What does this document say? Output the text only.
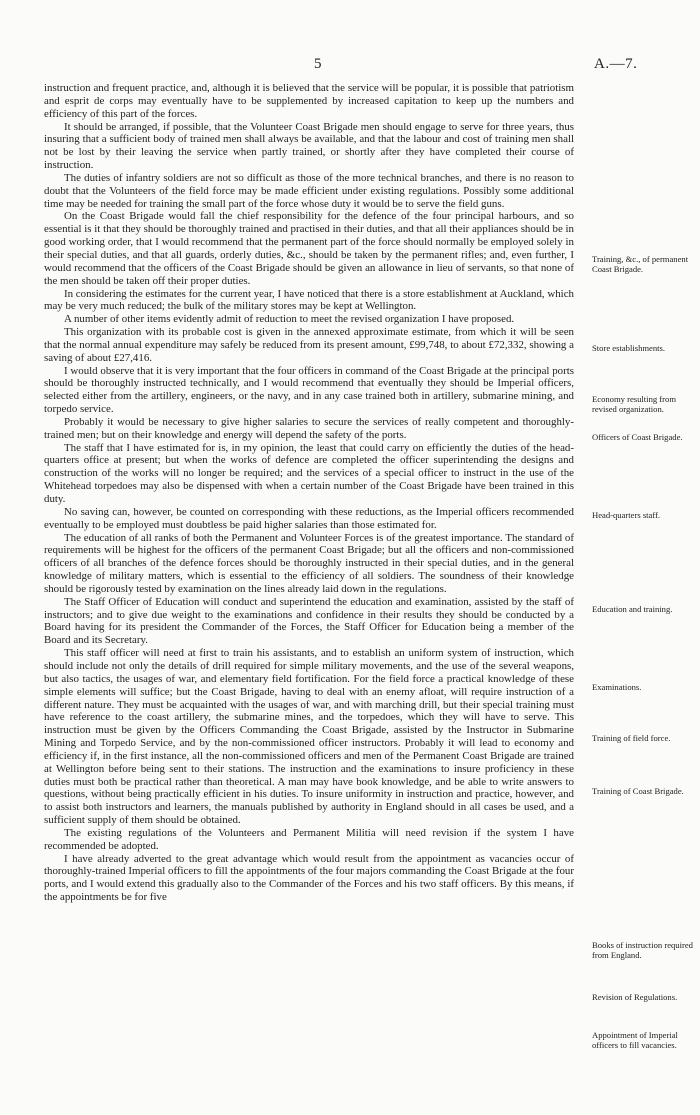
5	A.—7.

instruction and frequent practice, and, although it is believed that the service will be popular, it is possible that patriotism and esprit de corps may eventually have to be supplemented by increased capitation to keep up the numbers and efficiency of this part of the forces.

It should be arranged, if possible, that the Volunteer Coast Brigade men should engage to serve for three years, thus insuring that a sufficient body of trained men shall always be available, and that the labour and cost of training men shall not be lost by their leaving the service when partly trained, or shortly after they have completed their course of instruction.

The duties of infantry soldiers are not so difficult as those of the more technical branches, and there is no reason to doubt that the Volunteers of the field force may be made efficient under existing regulations. Possibly some additional time may be needed for training the small part of the force whose duty it would be to serve the field guns.

On the Coast Brigade would fall the chief responsibility for the defence of the four principal harbours, and so essential is it that they should be thoroughly trained and practised in their duties, and that all their appliances should be in good working order, that I would recommend that the permanent part of the force should normally be employed solely in their special duties, and that all guards, orderly duties, &c., should be taken by the permanent rifles; and, even further, I would recommend that the officers of the Coast Brigade should be given an allowance in lieu of servants, so that none of the men should be taken off their proper duties.

In considering the estimates for the current year, I have noticed that there is a store establishment at Auckland, which may be very much reduced; the bulk of the military stores may be kept at Wellington.

A number of other items evidently admit of reduction to meet the revised organization I have proposed.

This organization with its probable cost is given in the annexed approximate estimate, from which it will be seen that the normal annual expenditure may safely be reduced from its present amount, £99,748, to about £72,332, showing a saving of about £27,416.

I would observe that it is very important that the four officers in command of the Coast Brigade at the principal ports should be thoroughly instructed technically, and I would recommend that eventually they should be Imperial officers, selected either from the artillery, engineers, or the navy, and in any case trained both in artillery, submarine mining, and torpedo service.

Probably it would be necessary to give higher salaries to secure the services of really competent and thoroughly-trained men; but on their knowledge and energy will depend the safety of the ports.

The staff that I have estimated for is, in my opinion, the least that could carry on efficiently the duties of the head-quarters office at present; but when the works of defence are completed the officer superintending the designs and construction of the works will no longer be required; and the services of a special officer to instruct in the use of the Whitehead torpedoes may also be dispensed with when a certain number of the Coast Brigade have been trained in this duty.

No saving can, however, be counted on corresponding with these reductions, as the Imperial officers recommended eventually to be employed must doubtless be paid higher salaries than those estimated for.

The education of all ranks of both the Permanent and Volunteer Forces is of the greatest importance. The standard of requirements will be highest for the officers of the permanent Coast Brigade; but all the officers and non-commissioned officers of all branches of the defence forces should be thoroughly instructed in their special duties, and in the general knowledge of military matters, which is essential to the efficiency of all soldiers. The soundness of their knowledge should be rigorously tested by examination on the lines already laid down in the regulations.

The Staff Officer of Education will conduct and superintend the education and examination, assisted by the staff of instructors; and to give due weight to the examinations and confidence in their results they should be conducted by a Board having for its president the Commander of the Forces, the Staff Officer for Education being a member of the Board and its Secretary.

This staff officer will need at first to train his assistants, and to establish an uniform system of instruction, which should include not only the details of drill required for simple military movements, and the use of the several weapons, but also tactics, the usages of war, and elementary field fortification. For the field force a practical knowledge of these simple elements will suffice; but the Coast Brigade, having to deal with an enemy afloat, will require instruction of a different nature. They must be acquainted with the usages of war, and with marching drill, but their special training must have reference to the coast artillery, the submarine mines, and the torpedoes, which they will have to serve. This instruction must be given by the Officers Commanding the Coast Brigade, assisted by the Instructor in Submarine Mining and Torpedo Service, and by the non-commissioned officer instructors. Probably it will lead to economy and efficiency if, in the first instance, all the non-commissioned officers and men of the Permanent Coast Brigade are trained at Wellington before being sent to their stations. The instruction and the examinations to insure proficiency in these duties must both be practical rather than theoretical. A man may have book knowledge, and be able to write answers to questions, without being practically efficient in his duties. To insure uniformity in instruction and practice, however, and to assist both instructors and learners, the manuals published by authority in England should in all cases be used, and a sufficient supply of them should be obtained.

The existing regulations of the Volunteers and Permanent Militia will need revision if the system I have recommended be adopted.

I have already adverted to the great advantage which would result from the appointment as vacancies occur of thoroughly-trained Imperial officers to fill the appointments of the four majors commanding the Coast Brigade at the four ports, and I would extend this gradually also to the Commander of the Forces and his two staff officers. By this means, if the appointments be for five

Training, &c., of permanent Coast Brigade.
Store establishments.
Economy resulting from revised organization.
Officers of Coast Brigade.
Head-quarters staff.
Education and training.
Examinations.
Training of field force.
Training of Coast Brigade.
Books of instruction required from England.
Revision of Regulations.
Appointment of Imperial officers to fill vacancies.
